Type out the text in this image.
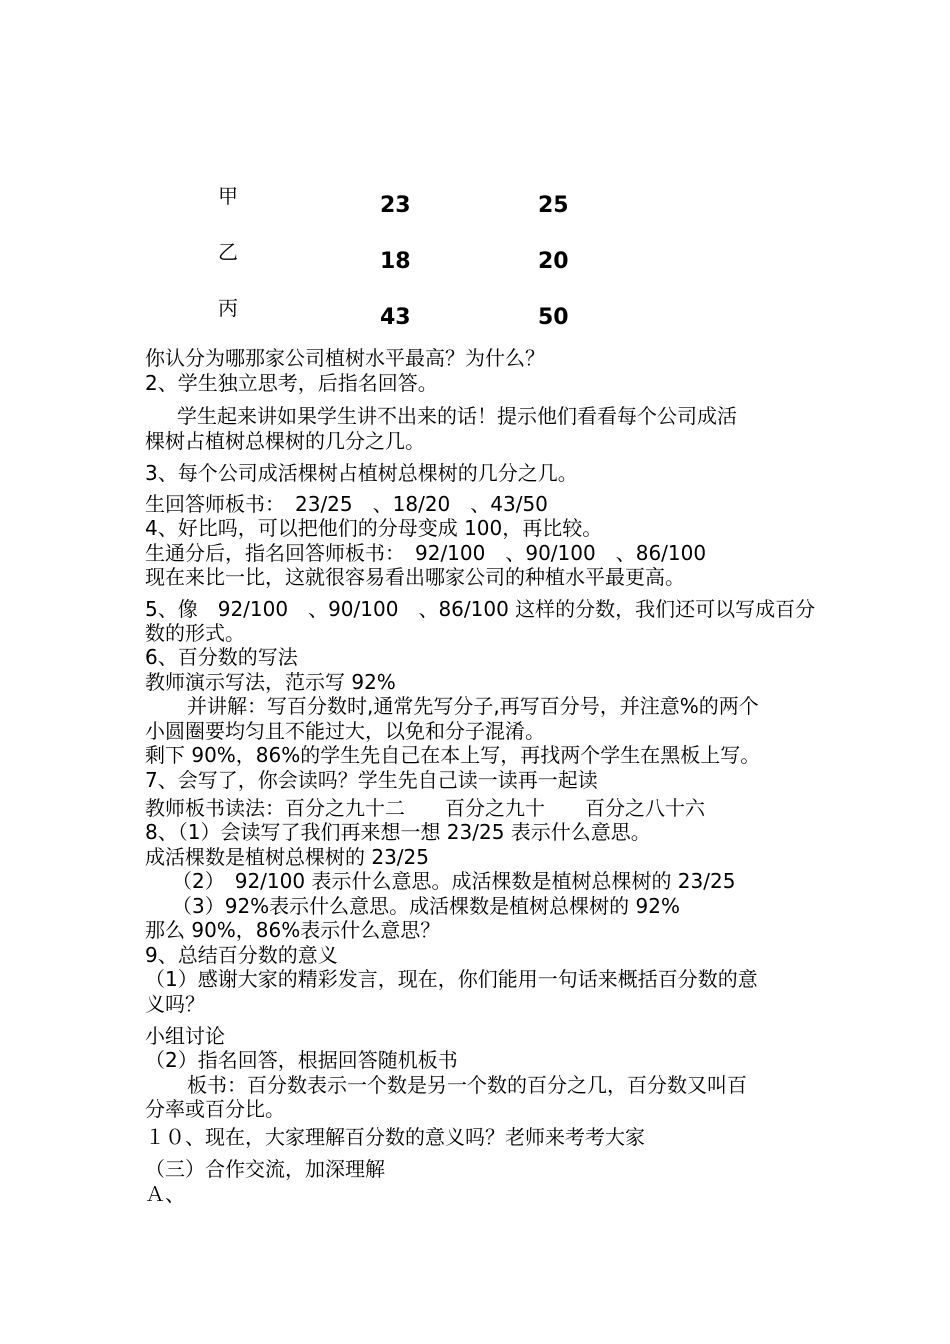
甲	23	25
乙	18	20
丙	43	50
你认分为哪那家公司植树水平最高？为什么？
2、学生独立思考，后指名回答。
学生起来讲如果学生讲不出来的话！提示他们看看每个公司成活
棵树占植树总棵树的几分之几。
3、每个公司成活棵树占植树总棵树的几分之几。
生回答师板书：　23/25　、18/20　、43/50
4、好比吗，可以把他们的分母变成 100，再比较。
生通分后，指名回答师板书：　92/100　、90/100　、86/100
现在来比一比，这就很容易看出哪家公司的种植水平最更高。
5、像　92/100　、90/100　、86/100 这样的分数，我们还可以写成百分
数的形式。
6、百分数的写法
教师演示写法，范示写 92%
并讲解：写百分数时,通常先写分子,再写百分号，并注意%的两个
小圆圈要均匀且不能过大，以免和分子混淆。
剩下 90%，86%的学生先自己在本上写，再找两个学生在黑板上写。
7、会写了，你会读吗？学生先自己读一读再一起读
教师板书读法：百分之九十二　　百分之九十　　百分之八十六
8、（1）会读写了我们再来想一想 23/25 表示什么意思。
成活棵数是植树总棵树的 23/25
（2）　92/100 表示什么意思。成活棵数是植树总棵树的 23/25
（3）92%表示什么意思。成活棵数是植树总棵树的 92%
那么 90%，86%表示什么意思？
9、总结百分数的意义
（1）感谢大家的精彩发言，现在，你们能用一句话来概括百分数的意
义吗？
小组讨论
（2）指名回答，根据回答随机板书
板书：百分数表示一个数是另一个数的百分之几，百分数又叫百
分率或百分比。
１０、现在，大家理解百分数的意义吗？老师来考考大家
（三）合作交流，加深理解
Ａ、
